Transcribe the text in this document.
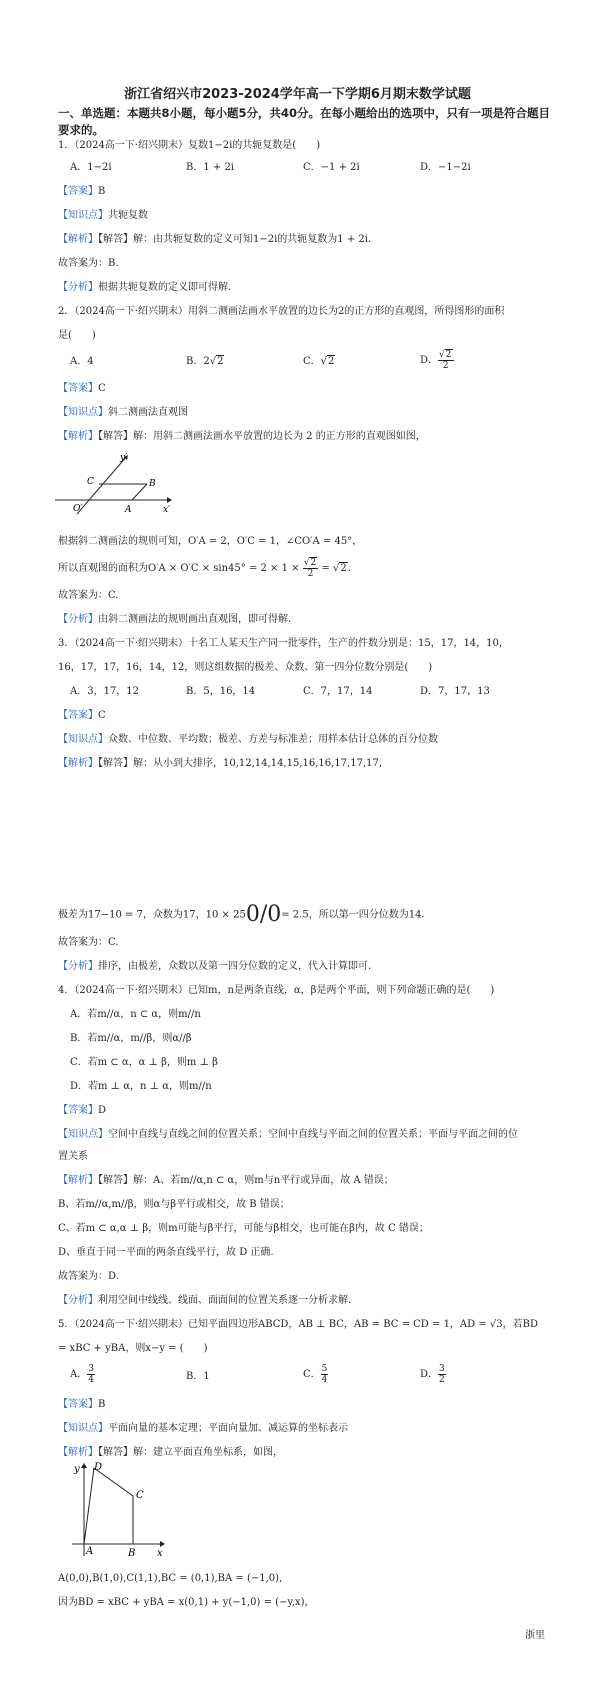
浙江省绍兴市2023-2024学年高一下学期6月期末数学试题
一、单选题：本题共8小题，每小题5分，共40分。在每小题给出的选项中，只有一项是符合题目要求的。
1．（2024高一下·绍兴期末）复数1−2i的共轭复数是(　　)
A．1−2i	B．1 + 2i	C．−1 + 2i	D．−1−2i
【答案】B
【知识点】共轭复数
【解析】【解答】解：由共轭复数的定义可知1−2i的共轭复数为1 + 2i.
故答案为：B.
【分析】根据共轭复数的定义即可得解.
2．（2024高一下·绍兴期末）用斜二测画法画水平放置的边长为2的正方形的直观图，所得图形的面积
是(　　)
A．4	B．2√2	C．√2	D． $\frac{√2}{2}$
【答案】C
【知识点】斜二测画法直观图
【解析】【解答】解：用斜二测画法画水平放置的边长为 2 的正方形的直观图如图，
y′
C	B
O′	A	x′
根据斜二测画法的规则可知，O′A = 2，O′C = 1，∠CO′A = 45°，
所以直观图的面积为$O'A \times O'C \times \sin 45^\circ = 2 \times 1 \times \frac{√2}{2} = √2$.
故答案为：C.
【分析】由斜二测画法的规则画出直观图，即可得解.
3．（2024高一下·绍兴期末）十名工人某天生产同一批零件，生产的件数分别是：15，17，14，10，
16，17，17，16，14，12，则这组数据的极差、众数、第一四分位数分别是(　　)
A．3，17，12	B．5，16，14	C．7，17，14	D．7，17，13
【答案】C
【知识点】众数、中位数、平均数；极差、方差与标准差；用样本估计总体的百分位数
【解析】【解答】解：从小到大排序，10,12,14,14,15,16,16,17,17,17,
极差为17−10 = 7，众数为17，10 × 250/0= 2.5，所以第一四分位数为14.
故答案为：C.
【分析】排序，由极差，众数以及第一四分位数的定义，代入计算即可.
4．（2024高一下·绍兴期末）已知m，n是两条直线，α，β是两个平面，则下列命题正确的是(　　)
A．若m//α，n ⊂ α，则m//n
B．若m//α，m//β，则α//β
C．若m ⊂ α，α ⊥ β，则m ⊥ β
D．若m ⊥ α，n ⊥ α，则m//n
【答案】D
【知识点】空间中直线与直线之间的位置关系；空间中直线与平面之间的位置关系；平面与平面之间的位
置关系
【解析】【解答】解：A、若m//α,n ⊂ α，则m与n平行或异面，故 A 错误；
B、若m//α,m//β，则α与β平行或相交，故 B 错误；
C、若m ⊂ α,α ⊥ β，则m可能与β平行，可能与β相交，也可能在β内，故 C 错误；
D、垂直于同一平面的两条直线平行，故 D 正确.
故答案为：D.
【分析】利用空间中线线、线面、面面间的位置关系逐一分析求解.
5．（2024高一下·绍兴期末）已知平面四边形ABCD，AB ⊥ BC，AB = BC = CD = 1，AD = √3，若BD
= xBC + yBA，则x−y = (　　)
A． $\frac{3}{4}$	B．1	C． $\frac{5}{4}$	D． $\frac{3}{2}$
【答案】B
【知识点】平面向量的基本定理；平面向量加、减运算的坐标表示
【解析】【解答】解：建立平面直角坐标系，如图，
y D
C
A	B x
A(0,0),B(1,0),C(1,1),BC = (0,1),BA = (−1,0),
因为BD = xBC + yBA = x(0,1) + y(−1,0) = (−y,x)，
浙里
